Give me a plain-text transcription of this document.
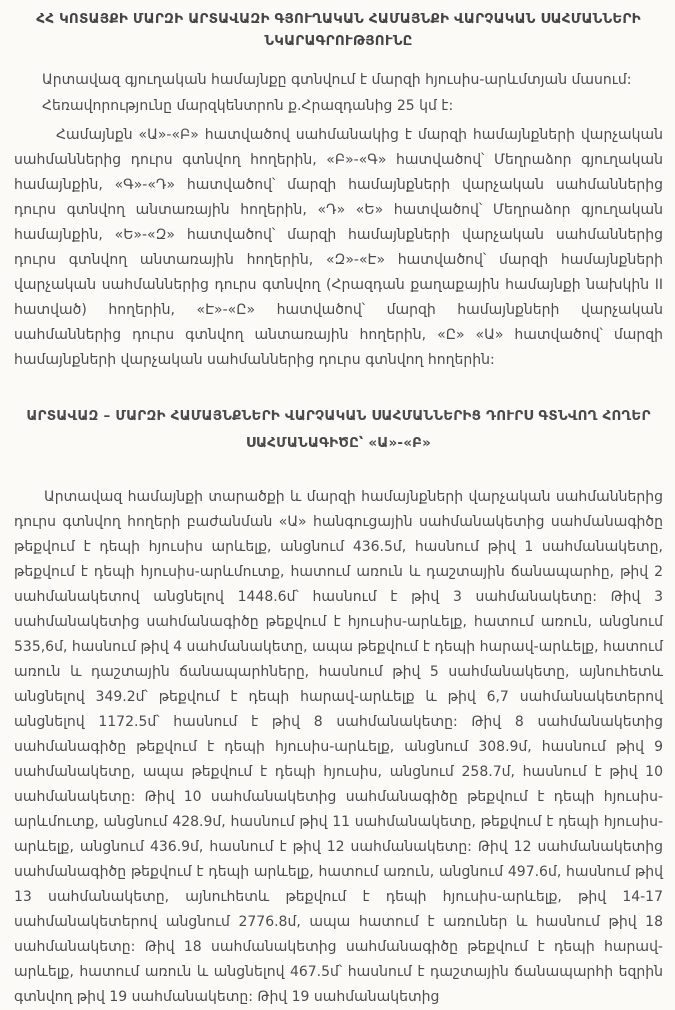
ՀՀ ԿՈՏԱՅՔԻ ՄԱՐԶԻ ԱՐՏԱՎԱԶԻ ԳՅՈՒՂԱԿԱՆ ՀԱՄԱՅՆՔԻ ՎԱՐՉԱԿԱՆ ՍԱՀՄԱՆՆԵՐԻ ՆԿԱՐԱԳՐՈՒԹՅՈՒՆԸ

Արտավազ գյուղական համայնքը գտնվում է մարզի հյուսիս-արևմտյան մասում:

Հեռավորությունը մարզկենտրոն ք.Հրազդանից 25 կմ է:

Համայնքն «Ա»-«Բ» հատվածով սահմանակից է մարզի համայնքների վարչական սահմաններից դուրս գտնվող հողերին, «Բ»-«Գ» հատվածով՝ Մեղրաձոր գյուղական համայնքին, «Գ»-«Դ» հատվածով՝ մարզի համայնքների վարչական սահմաններից դուրս գտնվող անտառային հողերին, «Դ» «Ե» հատվածով՝ Մեղրաձոր գյուղական համայնքին, «Ե»-«Զ» հատվածով՝ մարզի համայնքների վարչական սահմաններից դուրս գտնվող անտառային հողերին, «Զ»-«Է» հատվածով՝ մարզի համայնքների վարչական սահմաններից դուրս գտնվող (Հրազդան քաղաքային համայնքի նախկին II հատված) հողերին, «Է»-«Ը» հատվածով՝ մարզի համայնքների վարչական սահմաններից դուրս գտնվող անտառային հողերին, «Ը» «Ա» հատվածով՝ մարզի համայնքների վարչական սահմաններից դուրս գտնվող հողերին:

ԱՐՏԱՎԱԶ – ՄԱՐԶԻ ՀԱՄԱՅՆՔՆԵՐԻ ՎԱՐՉԱԿԱՆ ՍԱՀՄԱՆՆԵՐԻՑ ԴՈՒՐՍ ԳՏՆՎՈՂ ՀՈՂԵՐ
ՍԱՀՄԱՆԱԳԻԾԸ՝ «Ա»-«Բ»

Արտավազ համայնքի տարածքի և մարզի համայնքների վարչական սահմաններից դուրս գտնվող հողերի բաժանման «Ա» հանգուցային սահմանակետից սահմանագիծը թեքվում է դեպի հյուսիս արևելք, անցնում 436.5մ, հասնում թիվ 1 սահմանակետը, թեքվում է դեպի հյուսիս-արևմուտք, հատում առուն և դաշտային ճանապարհը, թիվ 2 սահմանակետով անցնելով 1448.6մ՝ հասնում է թիվ 3 սահմանակետը: Թիվ 3 սահմանակետից սահմանագիծը թեքվում է հյուսիս-արևելք, հատում առուն, անցնում 535,6մ, հասնում թիվ 4 սահմանակետը, ապա թեքվում է դեպի հարավ-արևելք, հատում առուն և դաշտային ճանապարհները, հասնում թիվ 5 սահմանակետը, այնուհետև անցնելով 349.2մ՝ թեքվում է դեպի հարավ-արևելք և թիվ 6,7 սահմանակետերով անցնելով 1172.5մ՝ հասնում է թիվ 8 սահմանակետը: Թիվ 8 սահմանակետից սահմանագիծը թեքվում է դեպի հյուսիս-արևելք, անցնում 308.9մ, հասնում թիվ 9 սահմանակետը, ապա թեքվում է դեպի հյուսիս, անցնում 258.7մ, հասնում է թիվ 10 սահմանակետը: Թիվ 10 սահմանակետից սահմանագիծը թեքվում է դեպի հյուսիս-արևմուտք, անցնում 428.9մ, հասնում թիվ 11 սահմանակետը, թեքվում է դեպի հյուսիս-արևելք, անցնում 436.9մ, հասնում է թիվ 12 սահմանակետը: Թիվ 12 սահմանակետից սահմանագիծը թեքվում է դեպի արևելք, հատում առուն, անցնում 497.6մ, հասնում թիվ 13 սահմանակետը, այնուհետև թեքվում է դեպի հյուսիս-արևելք, թիվ 14-17 սահմանակետերով անցնում 2776.8մ, ապա հատում է առուներ և հասնում թիվ 18 սահմանակետը: Թիվ 18 սահմանակետից սահմանագիծը թեքվում է դեպի հարավ-արևելք, հատում առուն և անցնելով 467.5մ՝ հասնում է դաշտային ճանապարհի եզրին գտնվող թիվ 19 սահմանակետը: Թիվ 19 սահմանակետից
